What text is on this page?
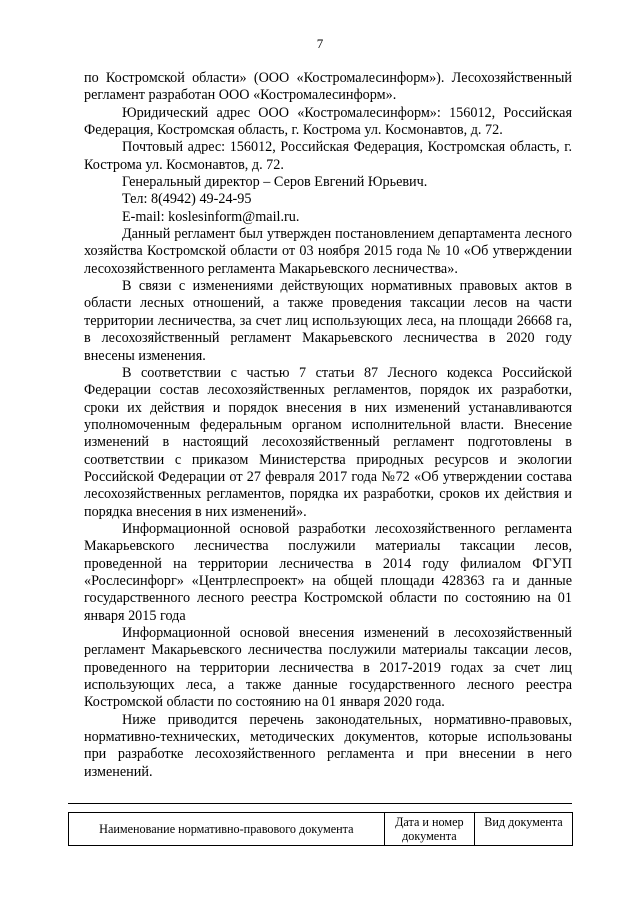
7

по Костромской области» (ООО «Костромалесинформ»). Лесохозяйственный регламент разработан ООО «Костромалесинформ».

Юридический адрес ООО «Костромалесинформ»: 156012, Российская Федерация, Костромская область, г. Кострома ул. Космонавтов, д. 72.

Почтовый адрес: 156012, Российская Федерация, Костромская область, г. Кострома ул. Космонавтов, д. 72.

Генеральный директор – Серов Евгений Юрьевич.

Тел: 8(4942) 49-24-95

E-mail: koslesinform@mail.ru.

Данный регламент был утвержден постановлением департамента лесного хозяйства Костромской области от 03 ноября 2015 года № 10 «Об утверждении лесохозяйственного регламента Макарьевского лесничества».

В связи с изменениями действующих нормативных правовых актов в области лесных отношений, а также проведения таксации лесов на части территории лесничества, за счет лиц использующих леса, на площади 26668 га, в лесохозяйственный регламент Макарьевского лесничества в 2020 году внесены изменения.

В соответствии с частью 7 статьи 87 Лесного кодекса Российской Федерации состав лесохозяйственных регламентов, порядок их разработки, сроки их действия и порядок внесения в них изменений устанавливаются уполномоченным федеральным органом исполнительной власти. Внесение изменений в настоящий лесохозяйственный регламент подготовлены в соответствии с приказом Министерства природных ресурсов и экологии Российской Федерации от 27 февраля 2017 года №72 «Об утверждении состава лесохозяйственных регламентов, порядка их разработки, сроков их действия и порядка внесения в них изменений».

Информационной основой разработки лесохозяйственного регламента Макарьевского лесничества послужили материалы таксации лесов, проведенной на территории лесничества в 2014 году филиалом ФГУП «Рослесинфорг» «Центрлеспроект» на общей площади 428363 га и данные государственного лесного реестра Костромской области по состоянию на 01 января 2015 года

Информационной основой внесения изменений в лесохозяйственный регламент Макарьевского лесничества послужили материалы таксации лесов, проведенного на территории лесничества в 2017-2019 годах за счет лиц использующих леса, а также данные государственного лесного реестра Костромской области по состоянию на 01 января 2020 года.

Ниже приводится перечень законодательных, нормативно-правовых, нормативно-технических, методических документов, которые использованы при разработке лесохозяйственного регламента и при внесении в него изменений.

Наименование нормативно-правового документа	Дата и номер документа	Вид документа
